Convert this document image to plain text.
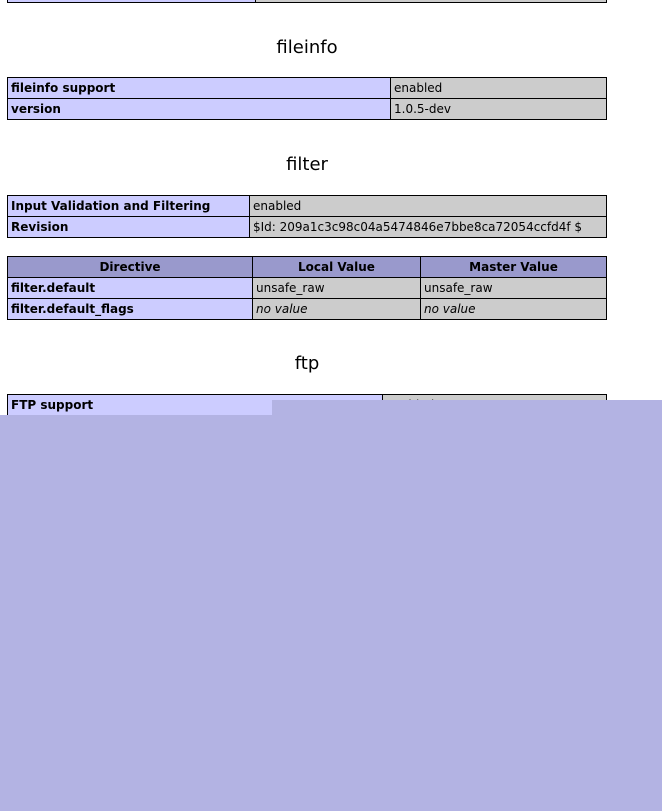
fileinfo
fileinfo support	enabled
version	1.0.5-dev
filter
Input Validation and Filtering	enabled
Revision	$Id: 209a1c3c98c04a5474846e7bbe8ca72054ccfd4f $
Directive	Local Value	Master Value
filter.default	unsafe_raw	unsafe_raw
filter.default_flags	no value	no value
ftp
FTP support	
